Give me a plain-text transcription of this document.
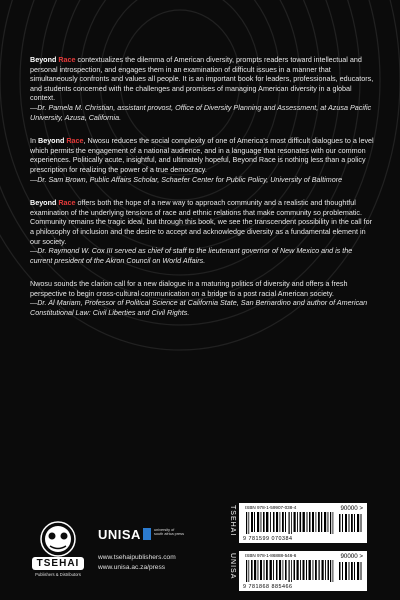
Beyond Race contextualizes the dilemma of American diversity, prompts readers toward intellectual and personal introspection, and engages them in an examination of difficult issues in a manner that simultaneously confronts and values all people. It is an important book for leaders, professionals, educators, and students concerned with the challenges and promises of managing American diversity in a global context.

—Dr. Pamela M. Christian, assistant provost, Office of Diversity Planning and Assessment, at Azusa Pacific University, Azusa, California.

In Beyond Race, Nwosu reduces the social complexity of one of America's most difficult dialogues to a level which permits the engagement of a national audience, and in a language that resonates with our common experiences. Politically acute, insightful, and ultimately hopeful, Beyond Race is nothing less than a policy prescription for realizing the power of a true democracy.

—Dr. Sam Brown, Public Affairs Scholar, Schaefer Center for Public Policy, University of Baltimore

Beyond Race offers both the hope of a new way to approach community and a realistic and thoughtful examination of the underlying tensions of race and ethnic relations that make community so problematic. Community remains the tragic ideal, but through this book, we see the transcendent possibility in the call for a philosophy of inclusion and the desire to accept and acknowledge diversity as a fundamental element in our society.

—Dr. Raymond W. Cox III served as chief of staff to the lieutenant governor of New Mexico and is the current president of the Akron Council on World Affairs.

Nwosu sounds the clarion call for a new dialogue in a maturing politics of diversity and offers a fresh perspective to begin cross-cultural communication on a bridge to a post racial American society.

—Dr. Al Mariam, Professor of Political Science at California State, San Bernardino and author of American Constitutional Law: Civil Liberties and Civil Rights.
TSEHAI
Publishers & Distributors
UNISA	university of south africa press
www.tsehaipublishers.com
www.unisa.ac.za/press
TSEHAI ISBN 978-1-59907-038-4	90000 >
9 781599 070384
UNISA ISBN 978-1-86888-546-6	90000 >
9 781868 885466
